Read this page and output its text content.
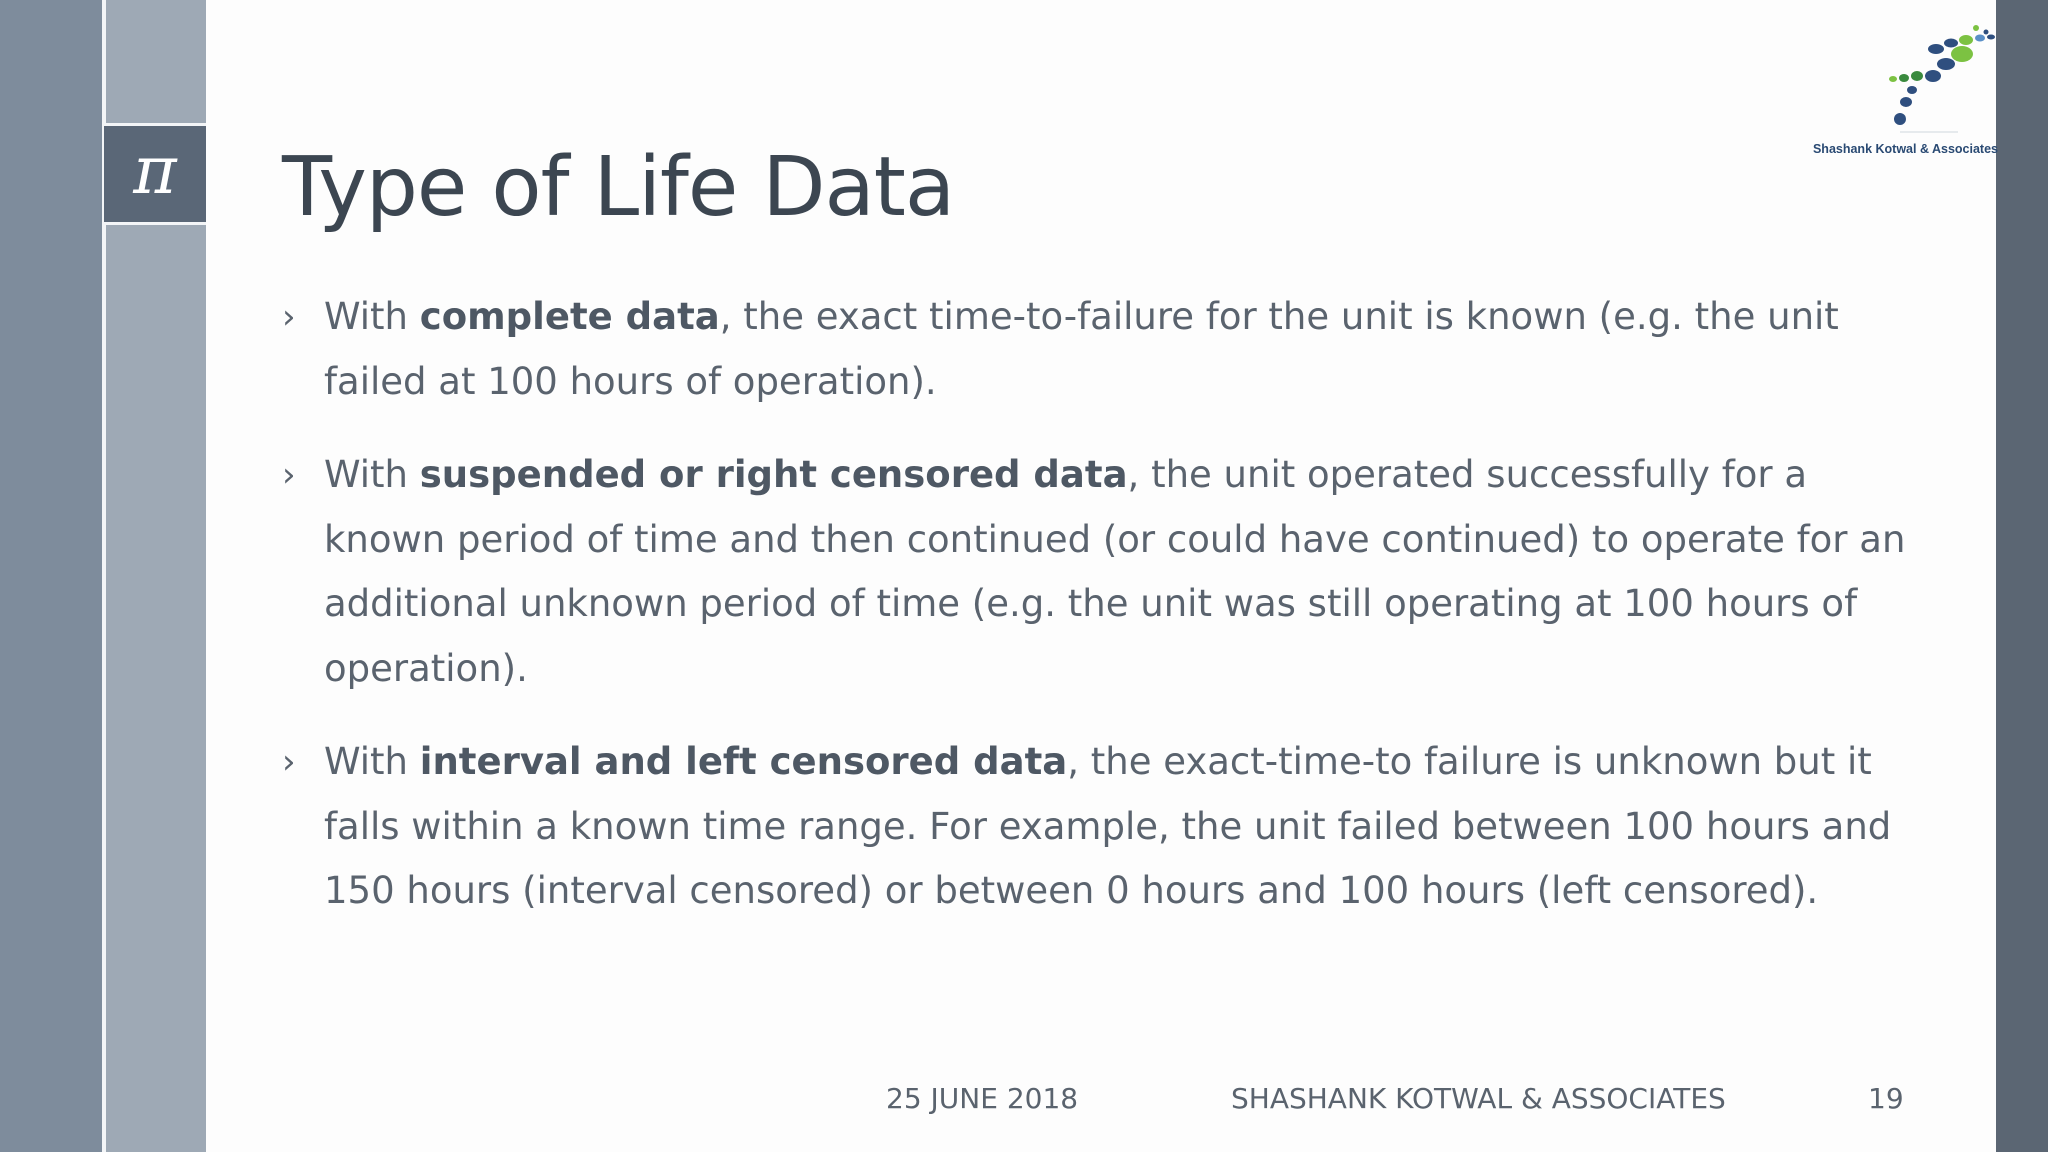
π	Shashank Kotwal & Associates
Type of Life Data
› With complete data, the exact time-to-failure for the unit is known (e.g. the unit failed at 100 hours of operation).
› With suspended or right censored data, the unit operated successfully for a known period of time and then continued (or could have continued) to operate for an additional unknown period of time (e.g. the unit was still operating at 100 hours of operation).
› With interval and left censored data, the exact-time-to failure is unknown but it falls within a known time range. For example, the unit failed between 100 hours and 150 hours (interval censored) or between 0 hours and 100 hours (left censored).
25 JUNE 2018	SHASHANK KOTWAL & ASSOCIATES	19
